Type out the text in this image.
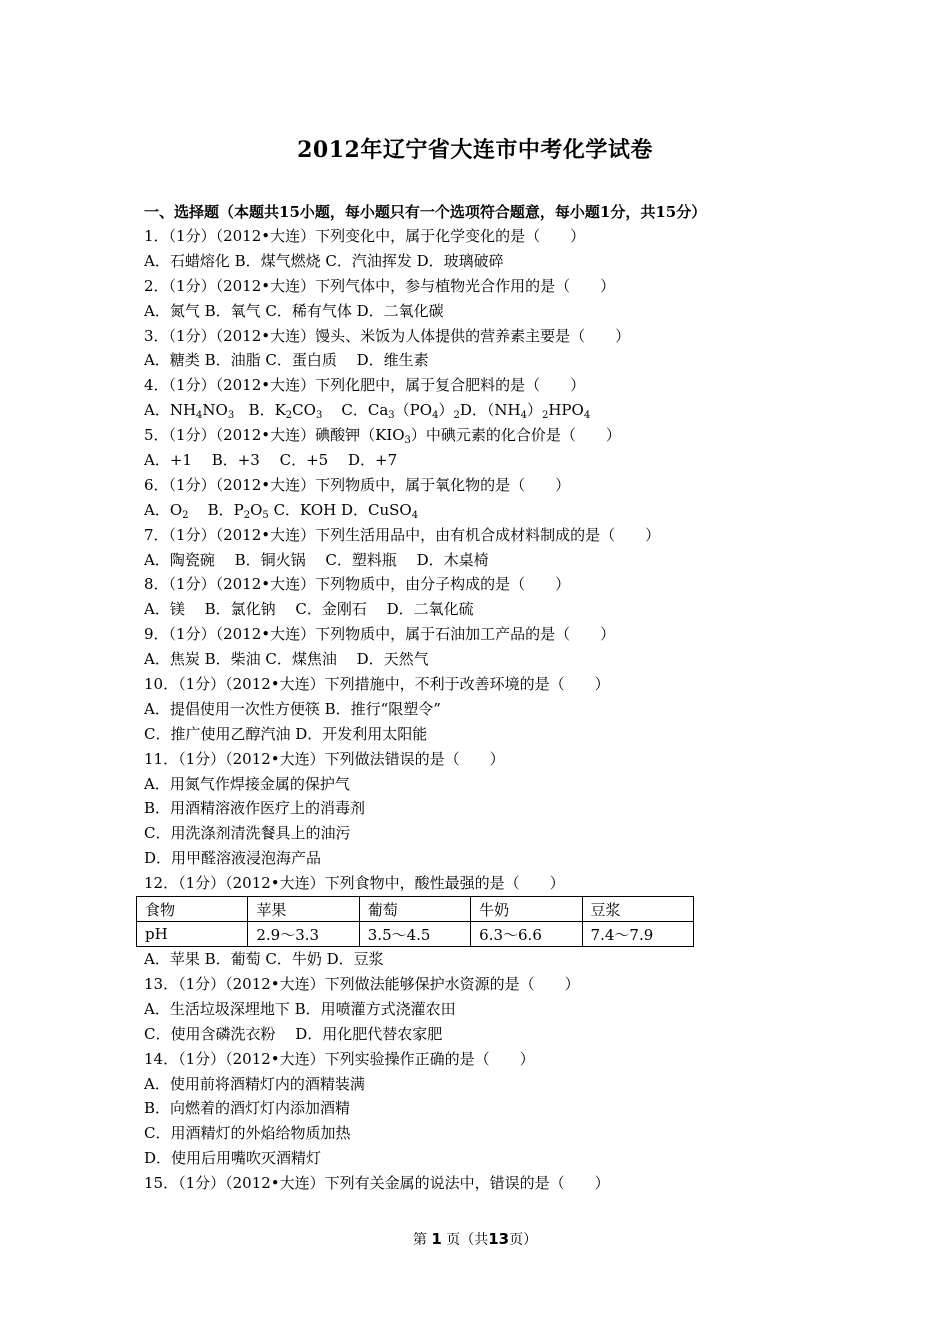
2012年辽宁省大连市中考化学试卷
一、选择题（本题共15小题，每小题只有一个选项符合题意，每小题1分，共15分）
1．（1分）（2012•大连）下列变化中，属于化学变化的是（　　）
A．石蜡熔化 B．煤气燃烧 C．汽油挥发 D．玻璃破碎
2．（1分）（2012•大连）下列气体中，参与植物光合作用的是（　　）
A．氮气 B．氧气 C．稀有气体 D．二氧化碳
3．（1分）（2012•大连）馒头、米饭为人体提供的营养素主要是（　　）
A．糖类 B．油脂 C．蛋白质　 D．维生素
4．（1分）（2012•大连）下列化肥中，属于复合肥料的是（　　）
A．$NH_4NO_3$ B．$K_2CO_3$ C．$Ca_3(PO_4)_2D$．$(NH_4)_2HPO_4$
5．（1分）（2012•大连）碘酸钾$(KIO_3)$中碘元素的化合价是（　　）
A．+1　 B．+3　 C．+5　 D．+7
6．（1分）（2012•大连）下列物质中，属于氧化物的是（　　）
A．$O_2$ B．$P_2O_5$ C．KOH D．CuSO$_4$
7．（1分）（2012•大连）下列生活用品中，由有机合成材料制成的是（　　）
A．陶瓷碗　 B．铜火锅　 C．塑料瓶　 D．木桌椅
8．（1分）（2012•大连）下列物质中，由分子构成的是（　　）
A．镁　 B．氯化钠　 C．金刚石　 D．二氧化硫
9．（1分）（2012•大连）下列物质中，属于石油加工产品的是（　　）
A．焦炭 B．柴油 C．煤焦油　 D．天然气
10．（1分）（2012•大连）下列措施中，不利于改善环境的是（　　）
A．提倡使用一次性方便筷 B．推行“限塑令”
C．推广使用乙醇汽油 D．开发利用太阳能
11．（1分）（2012•大连）下列做法错误的是（　　）
A．用氮气作焊接金属的保护气
B．用酒精溶液作医疗上的消毒剂
C．用洗涤剂清洗餐具上的油污
D．用甲醛溶液浸泡海产品
12．（1分）（2012•大连）下列食物中，酸性最强的是（　　）
食物	苹果	葡萄	牛奶	豆浆
pH	2.9～3.3	3.5～4.5	6.3～6.6	7.4～7.9
A．苹果 B．葡萄 C．牛奶 D．豆浆
13．（1分）（2012•大连）下列做法能够保护水资源的是（　　）
A．生活垃圾深埋地下 B．用喷灌方式浇灌农田
C．使用含磷洗衣粉　 D．用化肥代替农家肥
14．（1分）（2012•大连）下列实验操作正确的是（　　）
A．使用前将酒精灯内的酒精装满
B．向燃着的酒灯灯内添加酒精
C．用酒精灯的外焰给物质加热
D．使用后用嘴吹灭酒精灯
15．（1分）（2012•大连）下列有关金属的说法中，错误的是（　　）
第 1 页（共13页）
